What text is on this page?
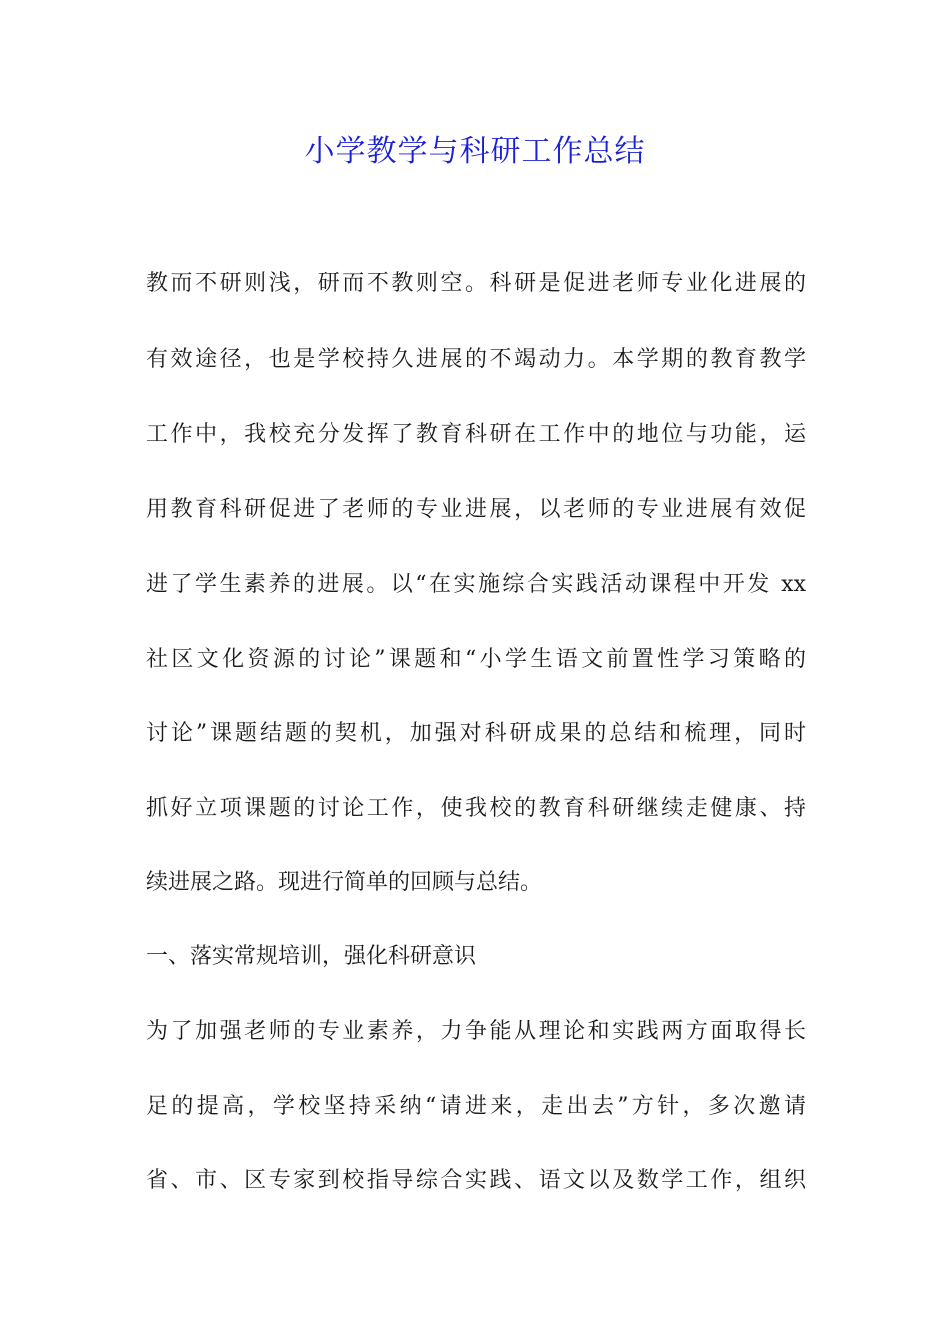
小学教学与科研工作总结
教而不研则浅，研而不教则空。科研是促进老师专业化进展的
有效途径，也是学校持久进展的不竭动力。本学期的教育教学
工作中，我校充分发挥了教育科研在工作中的地位与功能，运
用教育科研促进了老师的专业进展，以老师的专业进展有效促
进了学生素养的进展。以“在实施综合实践活动课程中开发 xx
社区文化资源的讨论”课题和“小学生语文前置性学习策略的
讨论”课题结题的契机，加强对科研成果的总结和梳理，同时
抓好立项课题的讨论工作，使我校的教育科研继续走健康、持
续进展之路。现进行简单的回顾与总结。
一、落实常规培训，强化科研意识
为了加强老师的专业素养，力争能从理论和实践两方面取得长
足的提高，学校坚持采纳“请进来，走出去”方针，多次邀请
省、市、区专家到校指导综合实践、语文以及数学工作，组织
